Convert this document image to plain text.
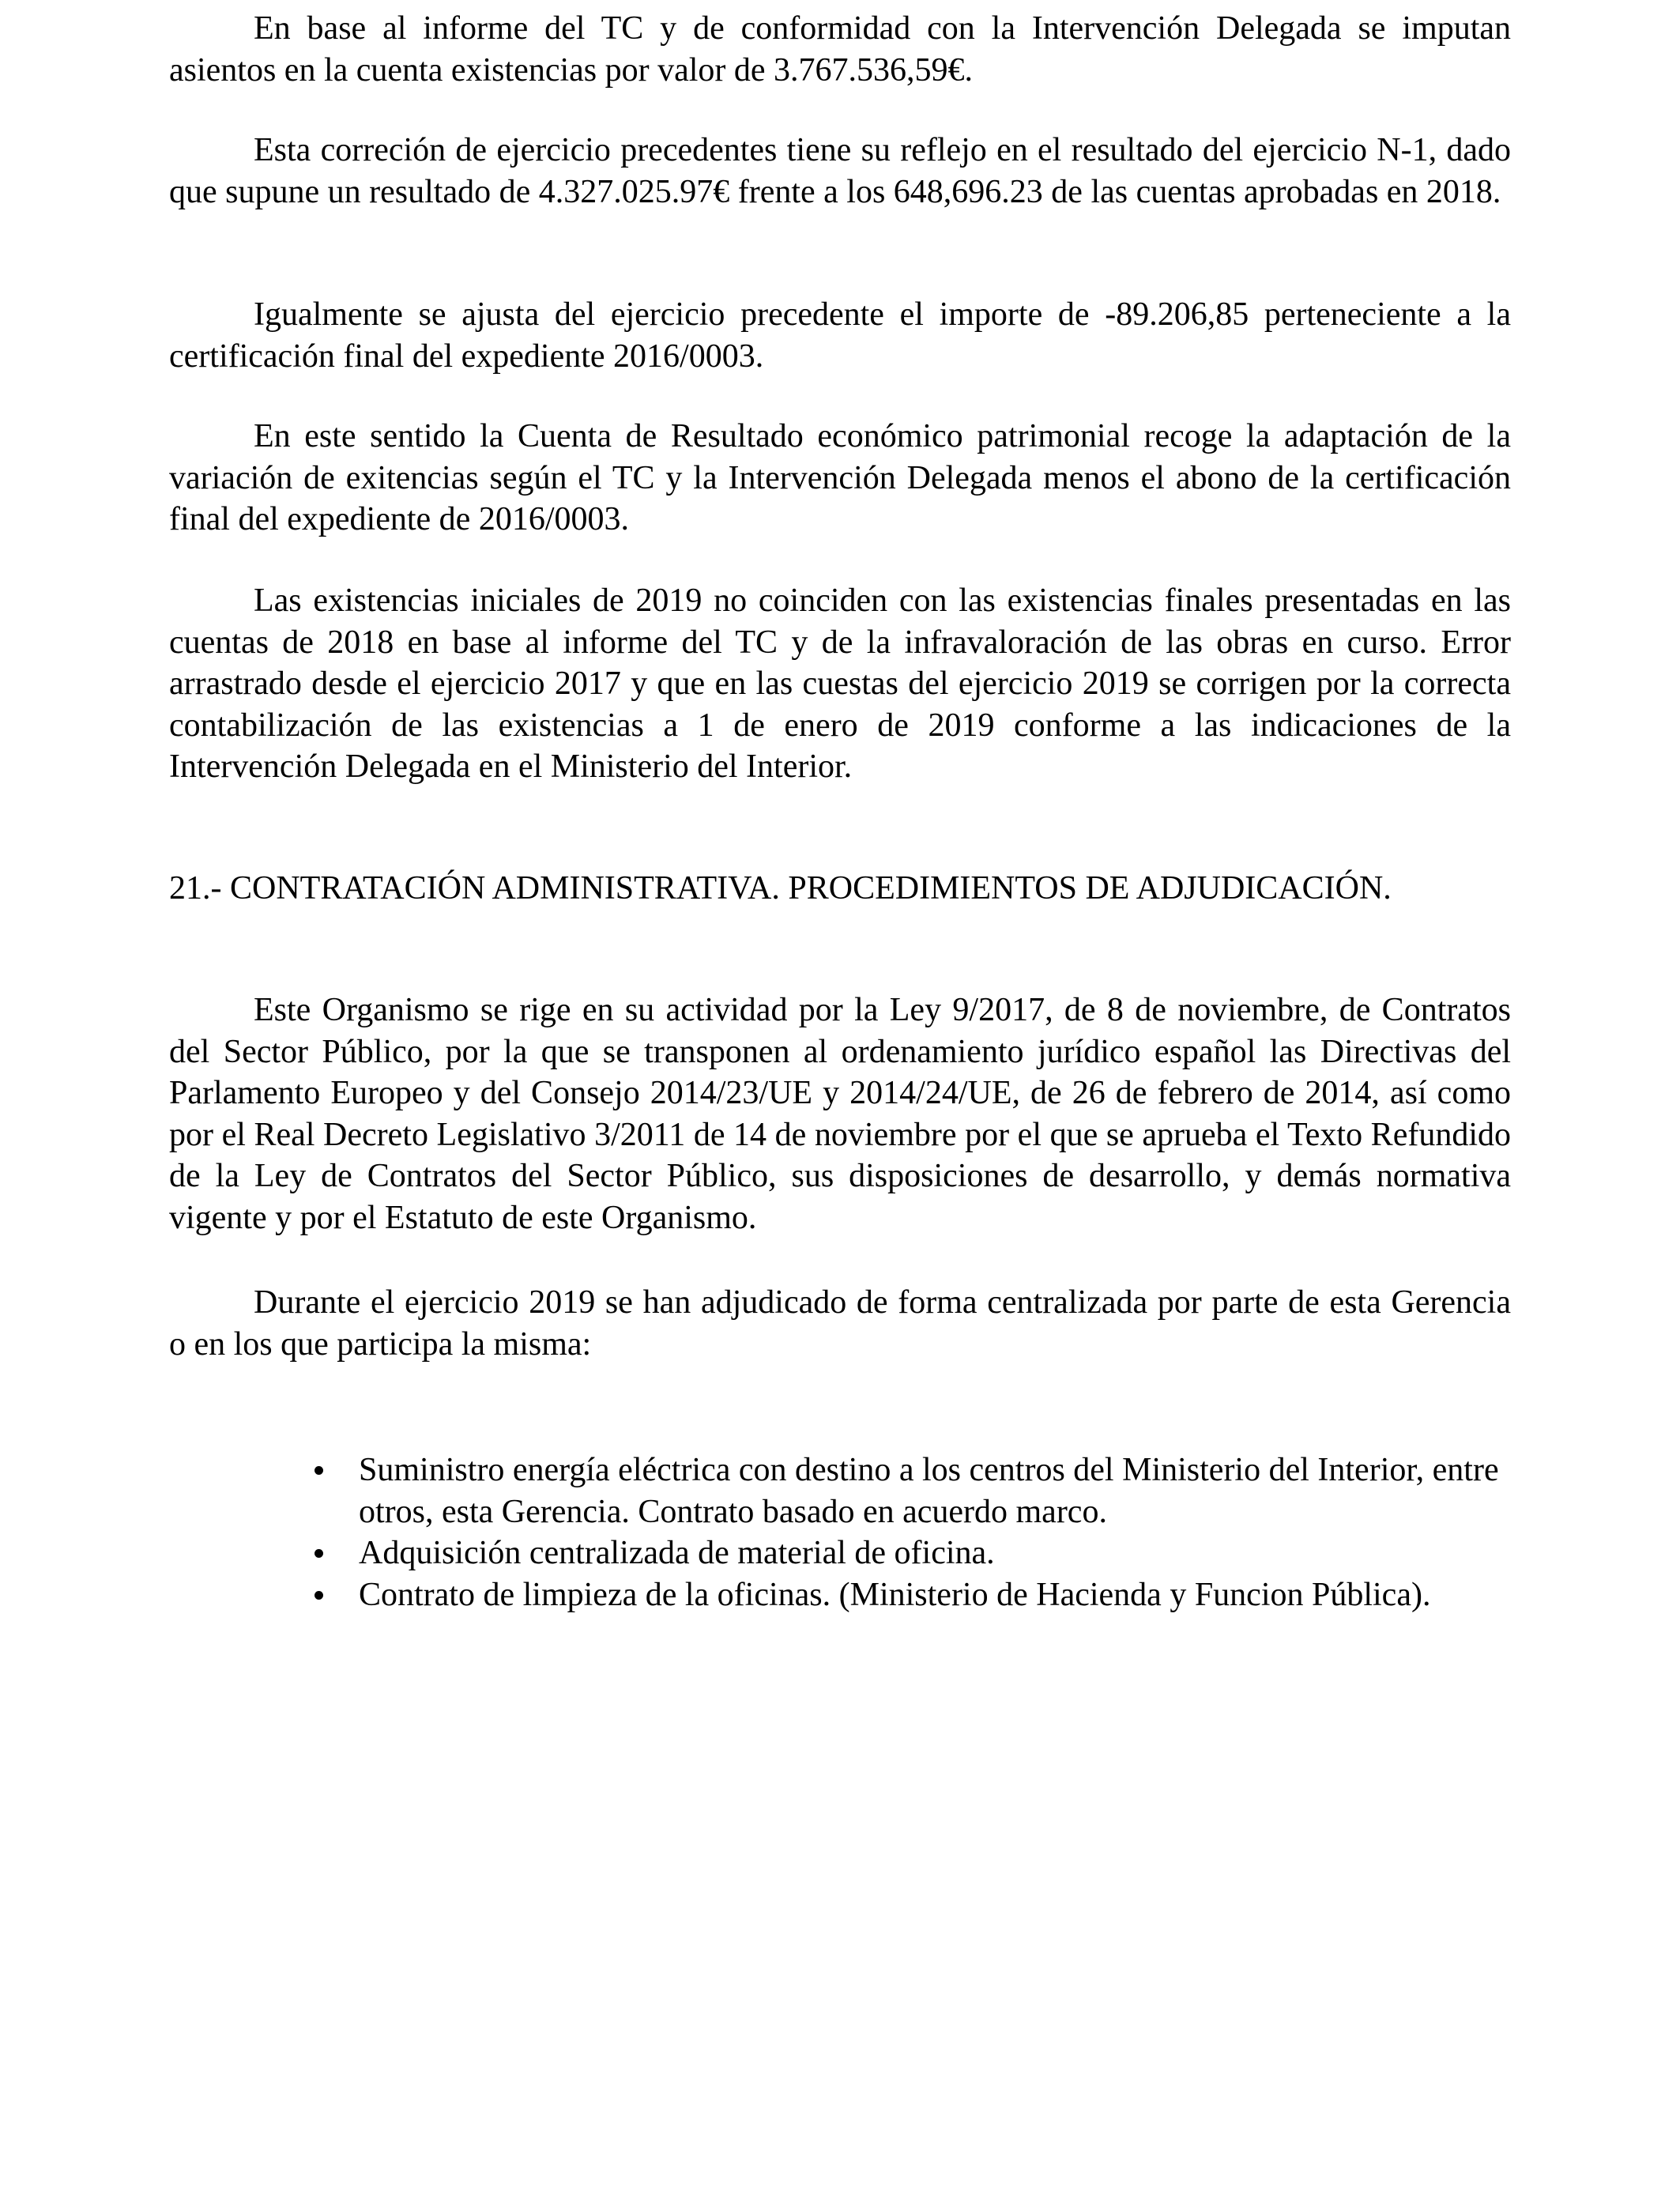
En base al informe del TC y de conformidad con la Intervención Delegada se imputan asientos en la cuenta existencias por valor de 3.767.536,59€.

Esta correción de ejercicio precedentes tiene su reflejo en el resultado del ejercicio N-1, dado que supune un resultado de 4.327.025.97€ frente a los 648,696.23 de las cuentas aprobadas en 2018.

Igualmente se ajusta del ejercicio precedente el importe de -89.206,85 perteneciente a la certificación final del expediente 2016/0003.

En este sentido la Cuenta de Resultado económico patrimonial recoge la adaptación de la variación de exitencias según el TC y la Intervención Delegada menos el abono de la certificación final del expediente de 2016/0003.

Las existencias iniciales de 2019 no coinciden con las existencias finales presentadas en las cuentas de 2018 en base al informe del TC y de la infravaloración de las obras en curso. Error arrastrado desde el ejercicio 2017 y que en las cuestas del ejercicio 2019 se corrigen por la correcta contabilización de las existencias a 1 de enero de 2019 conforme a las indicaciones de la Intervención Delegada en el Ministerio del Interior.

21.- CONTRATACIÓN ADMINISTRATIVA. PROCEDIMIENTOS DE ADJUDICACIÓN.

Este Organismo se rige en su actividad por la Ley 9/2017, de 8 de noviembre, de Contratos del Sector Público, por la que se transponen al ordenamiento jurídico español las Directivas del Parlamento Europeo y del Consejo 2014/23/UE y 2014/24/UE, de 26 de febrero de 2014, así como por el Real Decreto Legislativo 3/2011 de 14 de noviembre por el que se aprueba el Texto Refundido de la Ley de Contratos del Sector Público, sus disposiciones de desarrollo, y demás normativa vigente y por el Estatuto de este Organismo.

Durante el ejercicio 2019 se han adjudicado de forma centralizada por parte de esta Gerencia o en los que participa la misma:

Suministro energía eléctrica con destino a los centros del Ministerio del Interior, entre otros, esta Gerencia. Contrato basado en acuerdo marco.
Adquisición centralizada de material de oficina.
Contrato de limpieza de la oficinas. (Ministerio de Hacienda y Funcion Pública).
